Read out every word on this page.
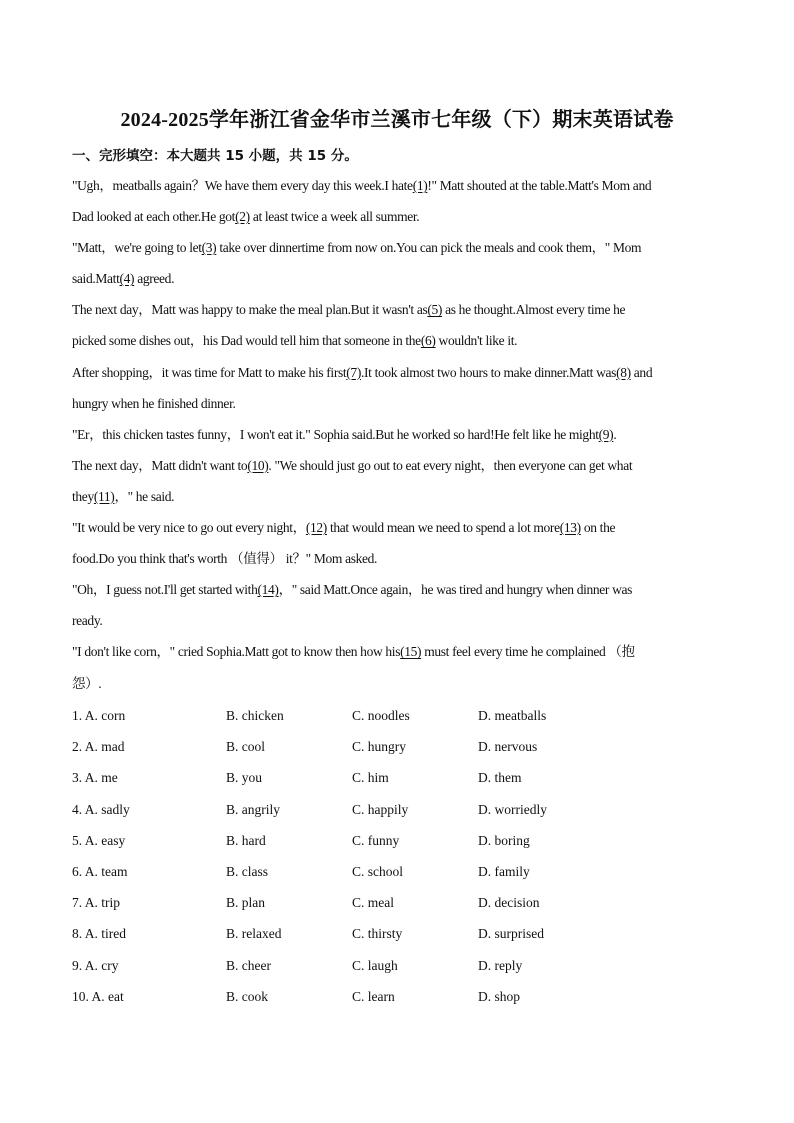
2024-2025学年浙江省金华市兰溪市七年级（下）期末英语试卷
一、完形填空：本大题共 15 小题，共 15 分。
"Ugh，meatballs again？We have them every day this week.I hate(1)!" Matt shouted at the table.Matt's Mom and
Dad looked at each other.He got(2) at least twice a week all summer.
"Matt，we're going to let(3) take over dinnertime from now on.You can pick the meals and cook them，" Mom
said.Matt(4) agreed.
The next day，Matt was happy to make the meal plan.But it wasn't as(5) as he thought.Almost every time he
picked some dishes out，his Dad would tell him that someone in the(6) wouldn't like it.
After shopping，it was time for Matt to make his first(7).It took almost two hours to make dinner.Matt was(8) and
hungry when he finished dinner.
"Er，this chicken tastes funny，I won't eat it." Sophia said.But he worked so hard!He felt like he might(9).
The next day，Matt didn't want to(10). "We should just go out to eat every night，then everyone can get what
they(11)，" he said.
"It would be very nice to go out every night，(12) that would mean we need to spend a lot more(13) on the
food.Do you think that's worth （值得） it？" Mom asked.
"Oh，I guess not.I'll get started with(14)，" said Matt.Once again，he was tired and hungry when dinner was
ready.
"I don't like corn，" cried Sophia.Matt got to know then how his(15) must feel every time he complained （抱
怨）.
1. A. corn	B. chicken	C. noodles	D. meatballs
2. A. mad	B. cool	C. hungry	D. nervous
3. A. me	B. you	C. him	D. them
4. A. sadly	B. angrily	C. happily	D. worriedly
5. A. easy	B. hard	C. funny	D. boring
6. A. team	B. class	C. school	D. family
7. A. trip	B. plan	C. meal	D. decision
8. A. tired	B. relaxed	C. thirsty	D. surprised
9. A. cry	B. cheer	C. laugh	D. reply
10. A. eat	B. cook	C. learn	D. shop
